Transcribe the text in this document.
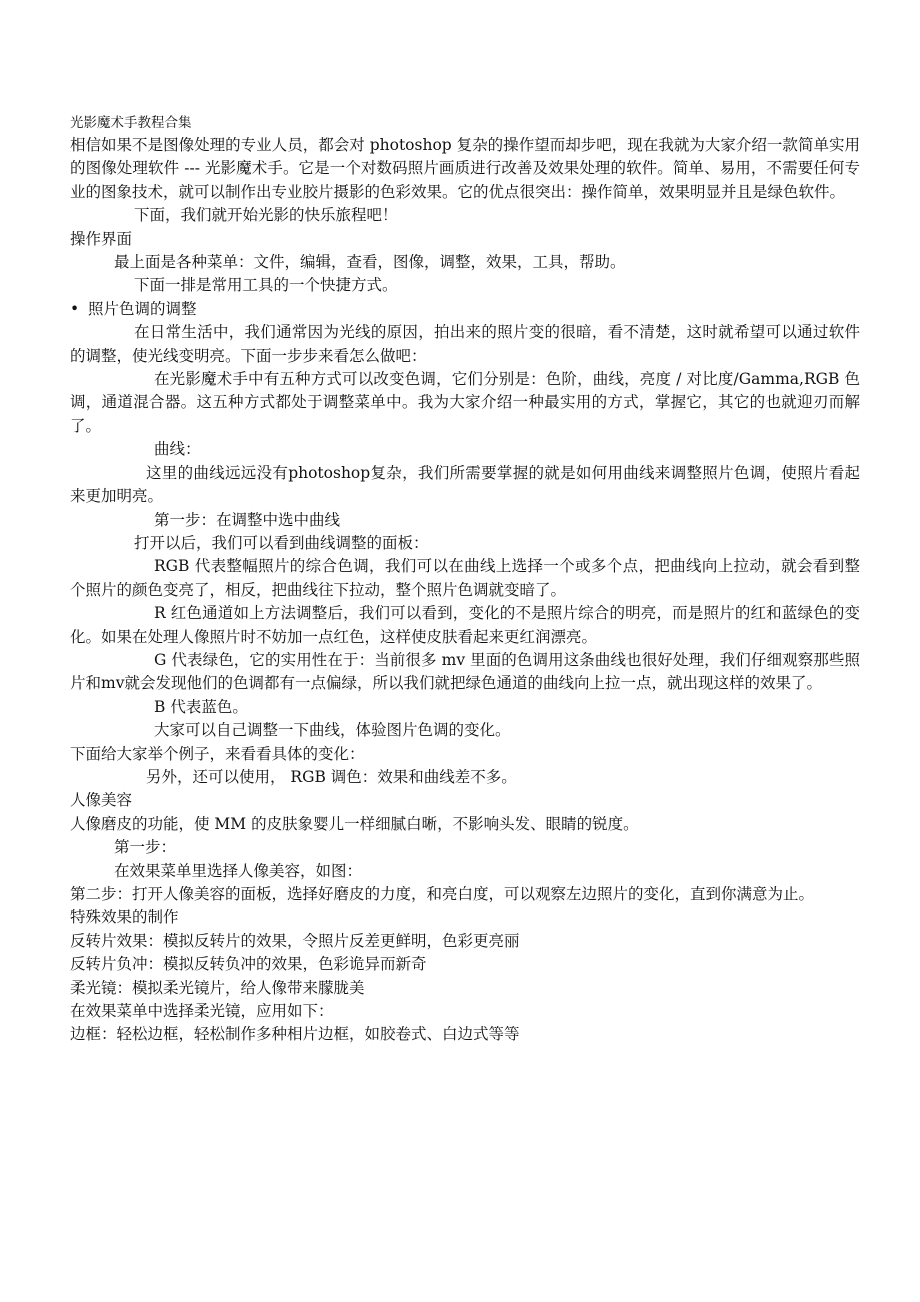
光影魔术手教程合集

相信如果不是图像处理的专业人员，都会对 photoshop 复杂的操作望而却步吧，现在我就为大家介绍一款简单实用的图像处理软件 --- 光影魔术手。它是一个对数码照片画质进行改善及效果处理的软件。简单、易用，不需要任何专业的图象技术，就可以制作出专业胶片摄影的色彩效果。它的优点很突出：操作简单，效果明显并且是绿色软件。

下面，我们就开始光影的快乐旅程吧！

操作界面

最上面是各种菜单：文件，编辑，查看，图像，调整，效果，工具，帮助。

下面一排是常用工具的一个快捷方式。

• 照片色调的调整

在日常生活中，我们通常因为光线的原因，拍出来的照片变的很暗，看不清楚，这时就希望可以通过软件的调整，使光线变明亮。下面一步步来看怎么做吧：

在光影魔术手中有五种方式可以改变色调，它们分别是：色阶，曲线，亮度 / 对比度/Gamma,RGB 色调，通道混合器。这五种方式都处于调整菜单中。我为大家介绍一种最实用的方式，掌握它，其它的也就迎刃而解了。

曲线：

这里的曲线远远没有photoshop复杂，我们所需要掌握的就是如何用曲线来调整照片色调，使照片看起来更加明亮。

第一步：在调整中选中曲线

打开以后，我们可以看到曲线调整的面板：

RGB 代表整幅照片的综合色调，我们可以在曲线上选择一个或多个点，把曲线向上拉动，就会看到整个照片的颜色变亮了，相反，把曲线往下拉动，整个照片色调就变暗了。

R 红色通道如上方法调整后，我们可以看到，变化的不是照片综合的明亮，而是照片的红和蓝绿色的变化。如果在处理人像照片时不妨加一点红色，这样使皮肤看起来更红润漂亮。

G 代表绿色，它的实用性在于：当前很多 mv 里面的色调用这条曲线也很好处理，我们仔细观察那些照片和mv就会发现他们的色调都有一点偏绿，所以我们就把绿色通道的曲线向上拉一点，就出现这样的效果了。

B 代表蓝色。

大家可以自己调整一下曲线，体验图片色调的变化。

下面给大家举个例子，来看看具体的变化：

另外，还可以使用， RGB 调色：效果和曲线差不多。

人像美容

人像磨皮的功能，使 MM 的皮肤象婴儿一样细腻白晰，不影响头发、眼睛的锐度。

第一步：

在效果菜单里选择人像美容，如图：

第二步：打开人像美容的面板，选择好磨皮的力度，和亮白度，可以观察左边照片的变化，直到你满意为止。

特殊效果的制作

反转片效果：模拟反转片的效果，令照片反差更鲜明，色彩更亮丽

反转片负冲：模拟反转负冲的效果，色彩诡异而新奇

柔光镜：模拟柔光镜片，给人像带来朦胧美

在效果菜单中选择柔光镜，应用如下：

边框：轻松边框，轻松制作多种相片边框，如胶卷式、白边式等等
